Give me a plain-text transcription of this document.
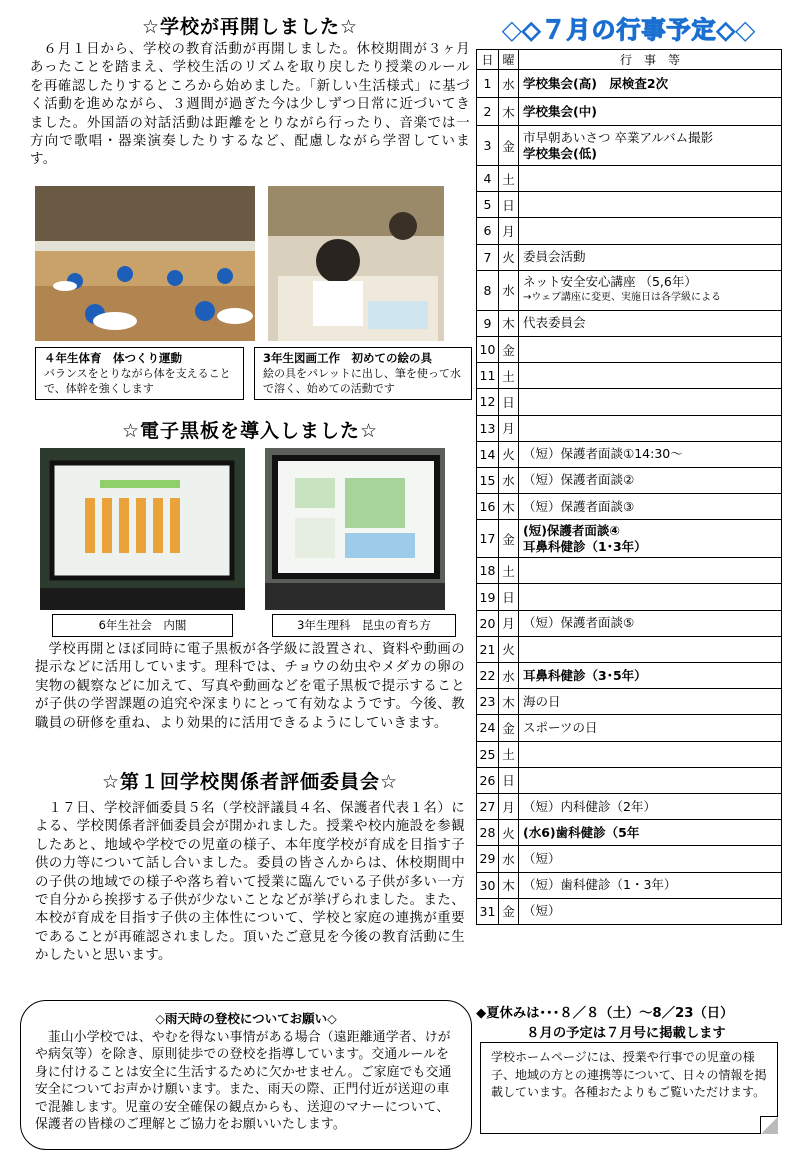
☆学校が再開しました☆
６月１日から、学校の教育活動が再開しました。休校期間が３ヶ月あったことを踏まえ、学校生活のリズムを取り戻したり授業のルールを再確認したりするところから始めました。「新しい生活様式」に基づく活動を進めながら、３週間が過ぎた今は少しずつ日常に近づいてきました。外国語の対話活動は距離をとりながら行ったり、音楽では一方向で歌唱・器楽演奏したりするなど、配慮しながら学習しています。
４年生体育　体つくり運動
バランスをとりながら体を支えることで、体幹を強くします
3年生図画工作　初めての絵の具
絵の具をパレットに出し、筆を使って水で溶く、始めての活動です
☆電子黒板を導入しました☆
6年生社会　内閣	3年生理科　昆虫の育ち方
学校再開とほぼ同時に電子黒板が各学級に設置され、資料や動画の提示などに活用しています。理科では、チョウの幼虫やメダカの卵の実物の観察などに加えて、写真や動画などを電子黒板で提示することが子供の学習課題の追究や深まりにとって有効なようです。今後、教職員の研修を重ね、より効果的に活用できるようにしていきます。
☆第１回学校関係者評価委員会☆
１７日、学校評価委員５名（学校評議員４名、保護者代表１名）による、学校関係者評価委員会が開かれました。授業や校内施設を参観したあと、地域や学校での児童の様子、本年度学校が育成を目指す子供の力等について話し合いました。委員の皆さんからは、休校期間中の子供の地域での様子や落ち着いて授業に臨んでいる子供が多い一方で自分から挨拶する子供が少ないことなどが挙げられました。また、本校が育成を目指す子供の主体性について、学校と家庭の連携が重要であることが再確認されました。頂いたご意見を今後の教育活動に生かしたいと思います。
◇雨天時の登校についてお願い◇
韮山小学校では、やむを得ない事情がある場合（遠距離通学者、けがや病気等）を除き、原則徒歩での登校を指導しています。交通ルールを身に付けることは安全に生活するために欠かせません。ご家庭でも交通安全についてお声かけ願います。また、雨天の際、正門付近が送迎の車で混雑します。児童の安全確保の観点からも、送迎のマナーについて、保護者の皆様のご理解とご協力をお願いいたします。
◆◇７月の行事予定◇◆
日	曜	行　事　等
1	水	学校集会(高)　尿検査2次

2	木	学校集会(中)

3	金	市早朝あいさつ 卒業アルバム撮影
学校集会(低)

4	土	
5	日	
6	月	
7	火	委員会活動

8	水	ネット安全安心講座 （5,6年）
→ウェブ講座に変更、実施日は各学級による

9	木	代表委員会

10	金	
11	土	
12	日	
13	月	
14	火	（短）保護者面談①14:30～

15	水	（短）保護者面談②

16	木	（短）保護者面談③

17	金	(短)保護者面談④
耳鼻科健診（1･3年）

18	土	
19	日	
20	月	（短）保護者面談⑤

21	火	
22	水	耳鼻科健診（3･5年）

23	木	海の日

24	金	スポーツの日

25	土	
26	日	
27	月	（短）内科健診（2年）

28	火	(水6)歯科健診（5年

29	水	（短）

30	木	（短）歯科健診（1・3年）

31	金	（短）
◆夏休みは･･･８／８（土）～8／23（日）
８月の予定は７月号に掲載します
学校ホームページには、授業や行事での児童の様子、地域の方との連携等について、日々の情報を掲載しています。各種おたよりもご覧いただけます。
